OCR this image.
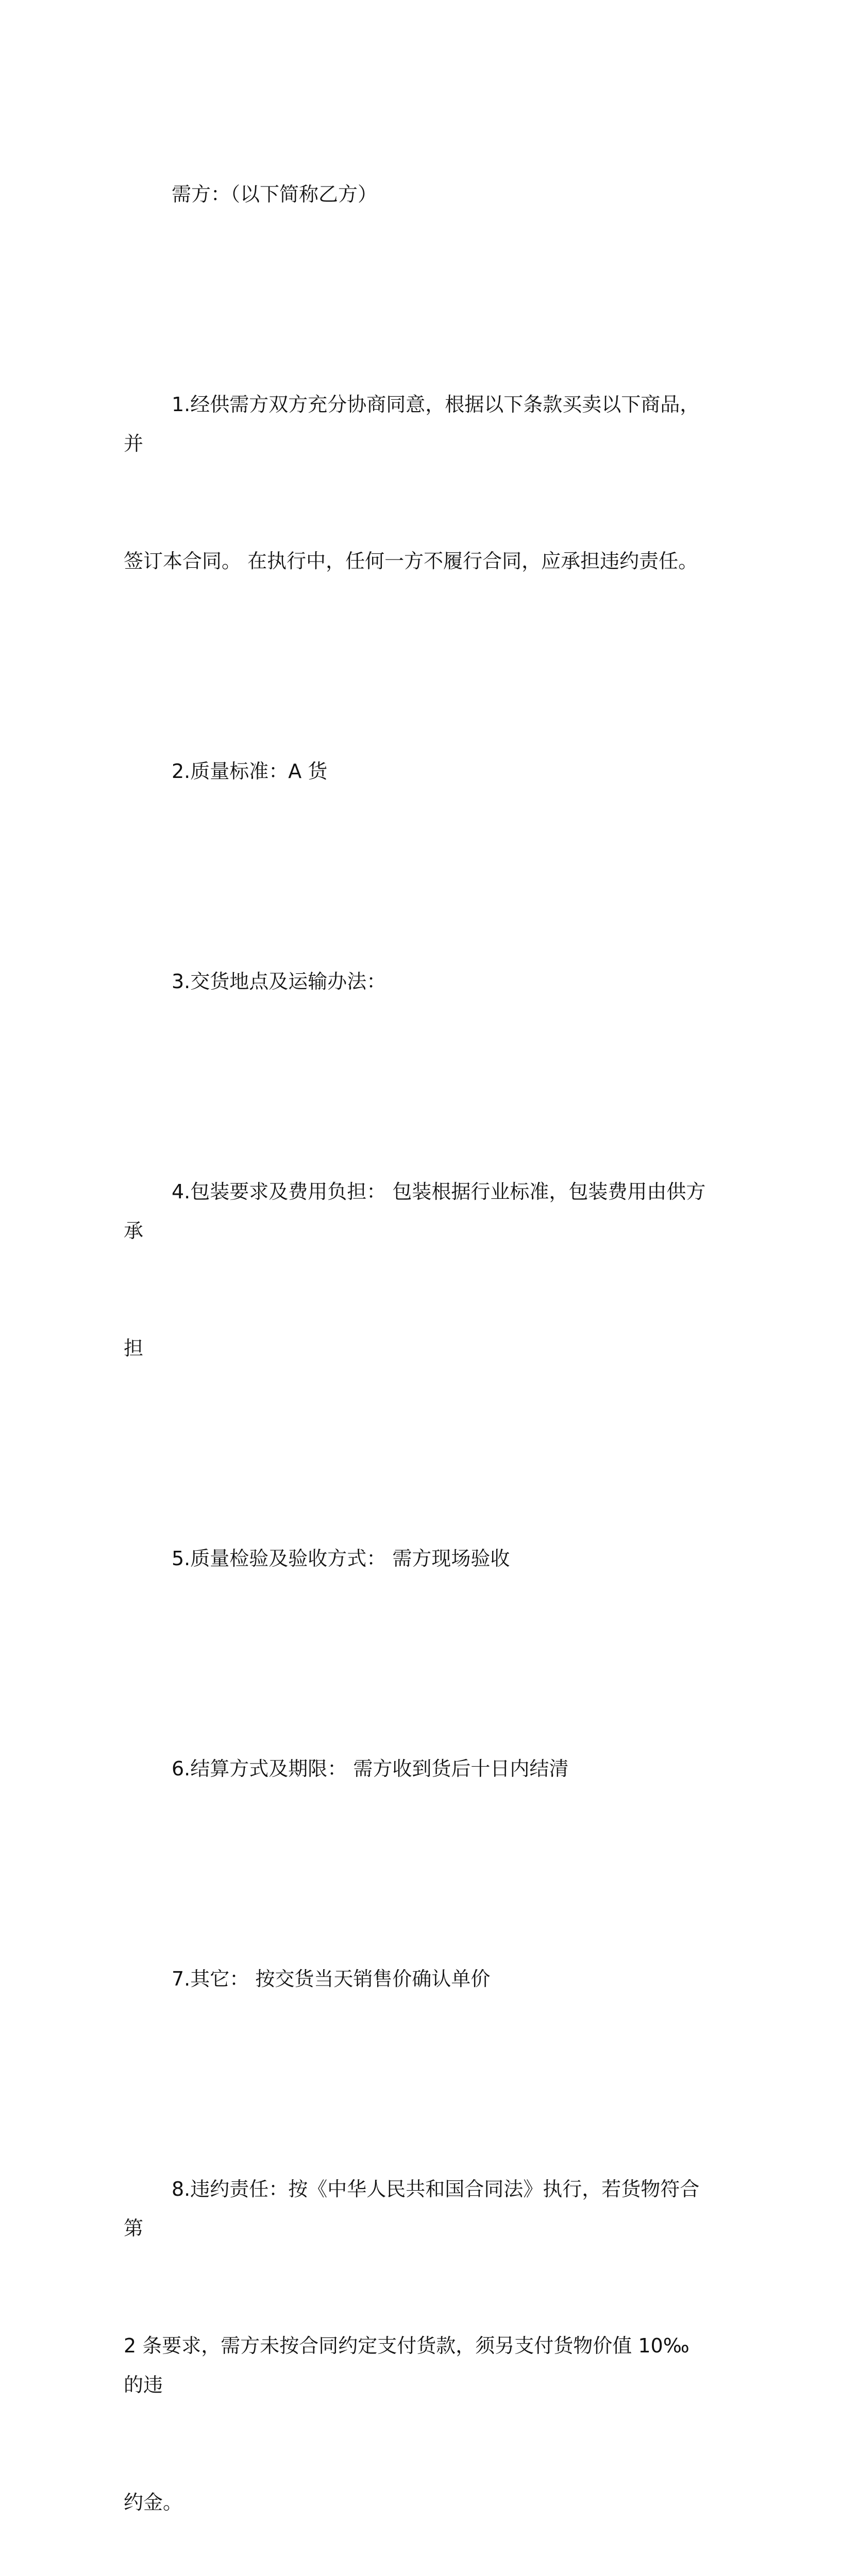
需方：（以下简称乙方）

1.经供需方双方充分协商同意，根据以下条款买卖以下商品，并

签订本合同。 在执行中，任何一方不履行合同，应承担违约责任。

2.质量标准：A 货

3.交货地点及运输办法：

4.包装要求及费用负担： 包装根据行业标准，包装费用由供方承

担

5.质量检验及验收方式： 需方现场验收

6.结算方式及期限： 需方收到货后十日内结清

7.其它： 按交货当天销售价确认单价

8.违约责任：按《中华人民共和国合同法》执行，若货物符合第

2 条要求，需方未按合同约定支付货款，须另支付货物价值 10‰的违

约金。
